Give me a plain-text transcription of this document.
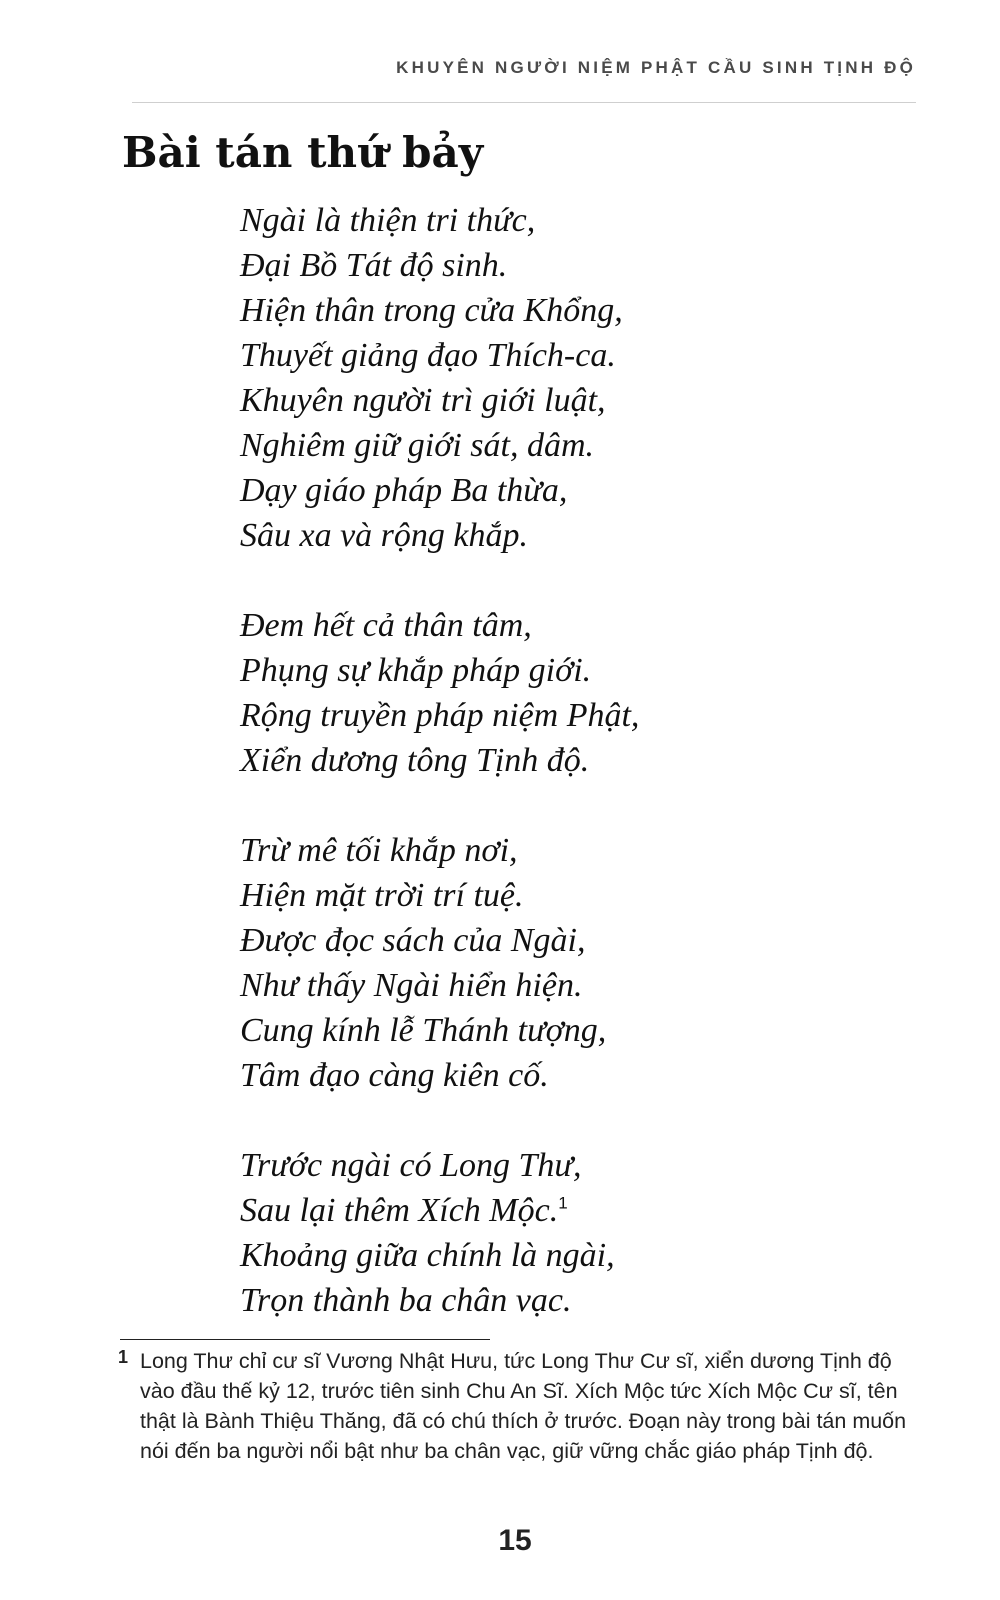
KHUYÊN NGƯỜI NIỆM PHẬT CẦU SINH TỊNH ĐỘ
Bài tán thứ bảy
Ngài là thiện tri thức,
Đại Bồ Tát độ sinh.
Hiện thân trong cửa Khổng,
Thuyết giảng đạo Thích-ca.
Khuyên người trì giới luật,
Nghiêm giữ giới sát, dâm.
Dạy giáo pháp Ba thừa,
Sâu xa và rộng khắp.
Đem hết cả thân tâm,
Phụng sự khắp pháp giới.
Rộng truyền pháp niệm Phật,
Xiển dương tông Tịnh độ.
Trừ mê tối khắp nơi,
Hiện mặt trời trí tuệ.
Được đọc sách của Ngài,
Như thấy Ngài hiển hiện.
Cung kính lễ Thánh tượng,
Tâm đạo càng kiên cố.
Trước ngài có Long Thư,
Sau lại thêm Xích Mộc.$^1$
Khoảng giữa chính là ngài,
Trọn thành ba chân vạc.
1 Long Thư chỉ cư sĩ Vương Nhật Hưu, tức Long Thư Cư sĩ, xiển dương Tịnh độ vào đầu thế kỷ 12, trước tiên sinh Chu An Sĩ. Xích Mộc tức Xích Mộc Cư sĩ, tên thật là Bành Thiệu Thăng, đã có chú thích ở trước. Đoạn này trong bài tán muốn nói đến ba người nổi bật như ba chân vạc, giữ vững chắc giáo pháp Tịnh độ.

15
